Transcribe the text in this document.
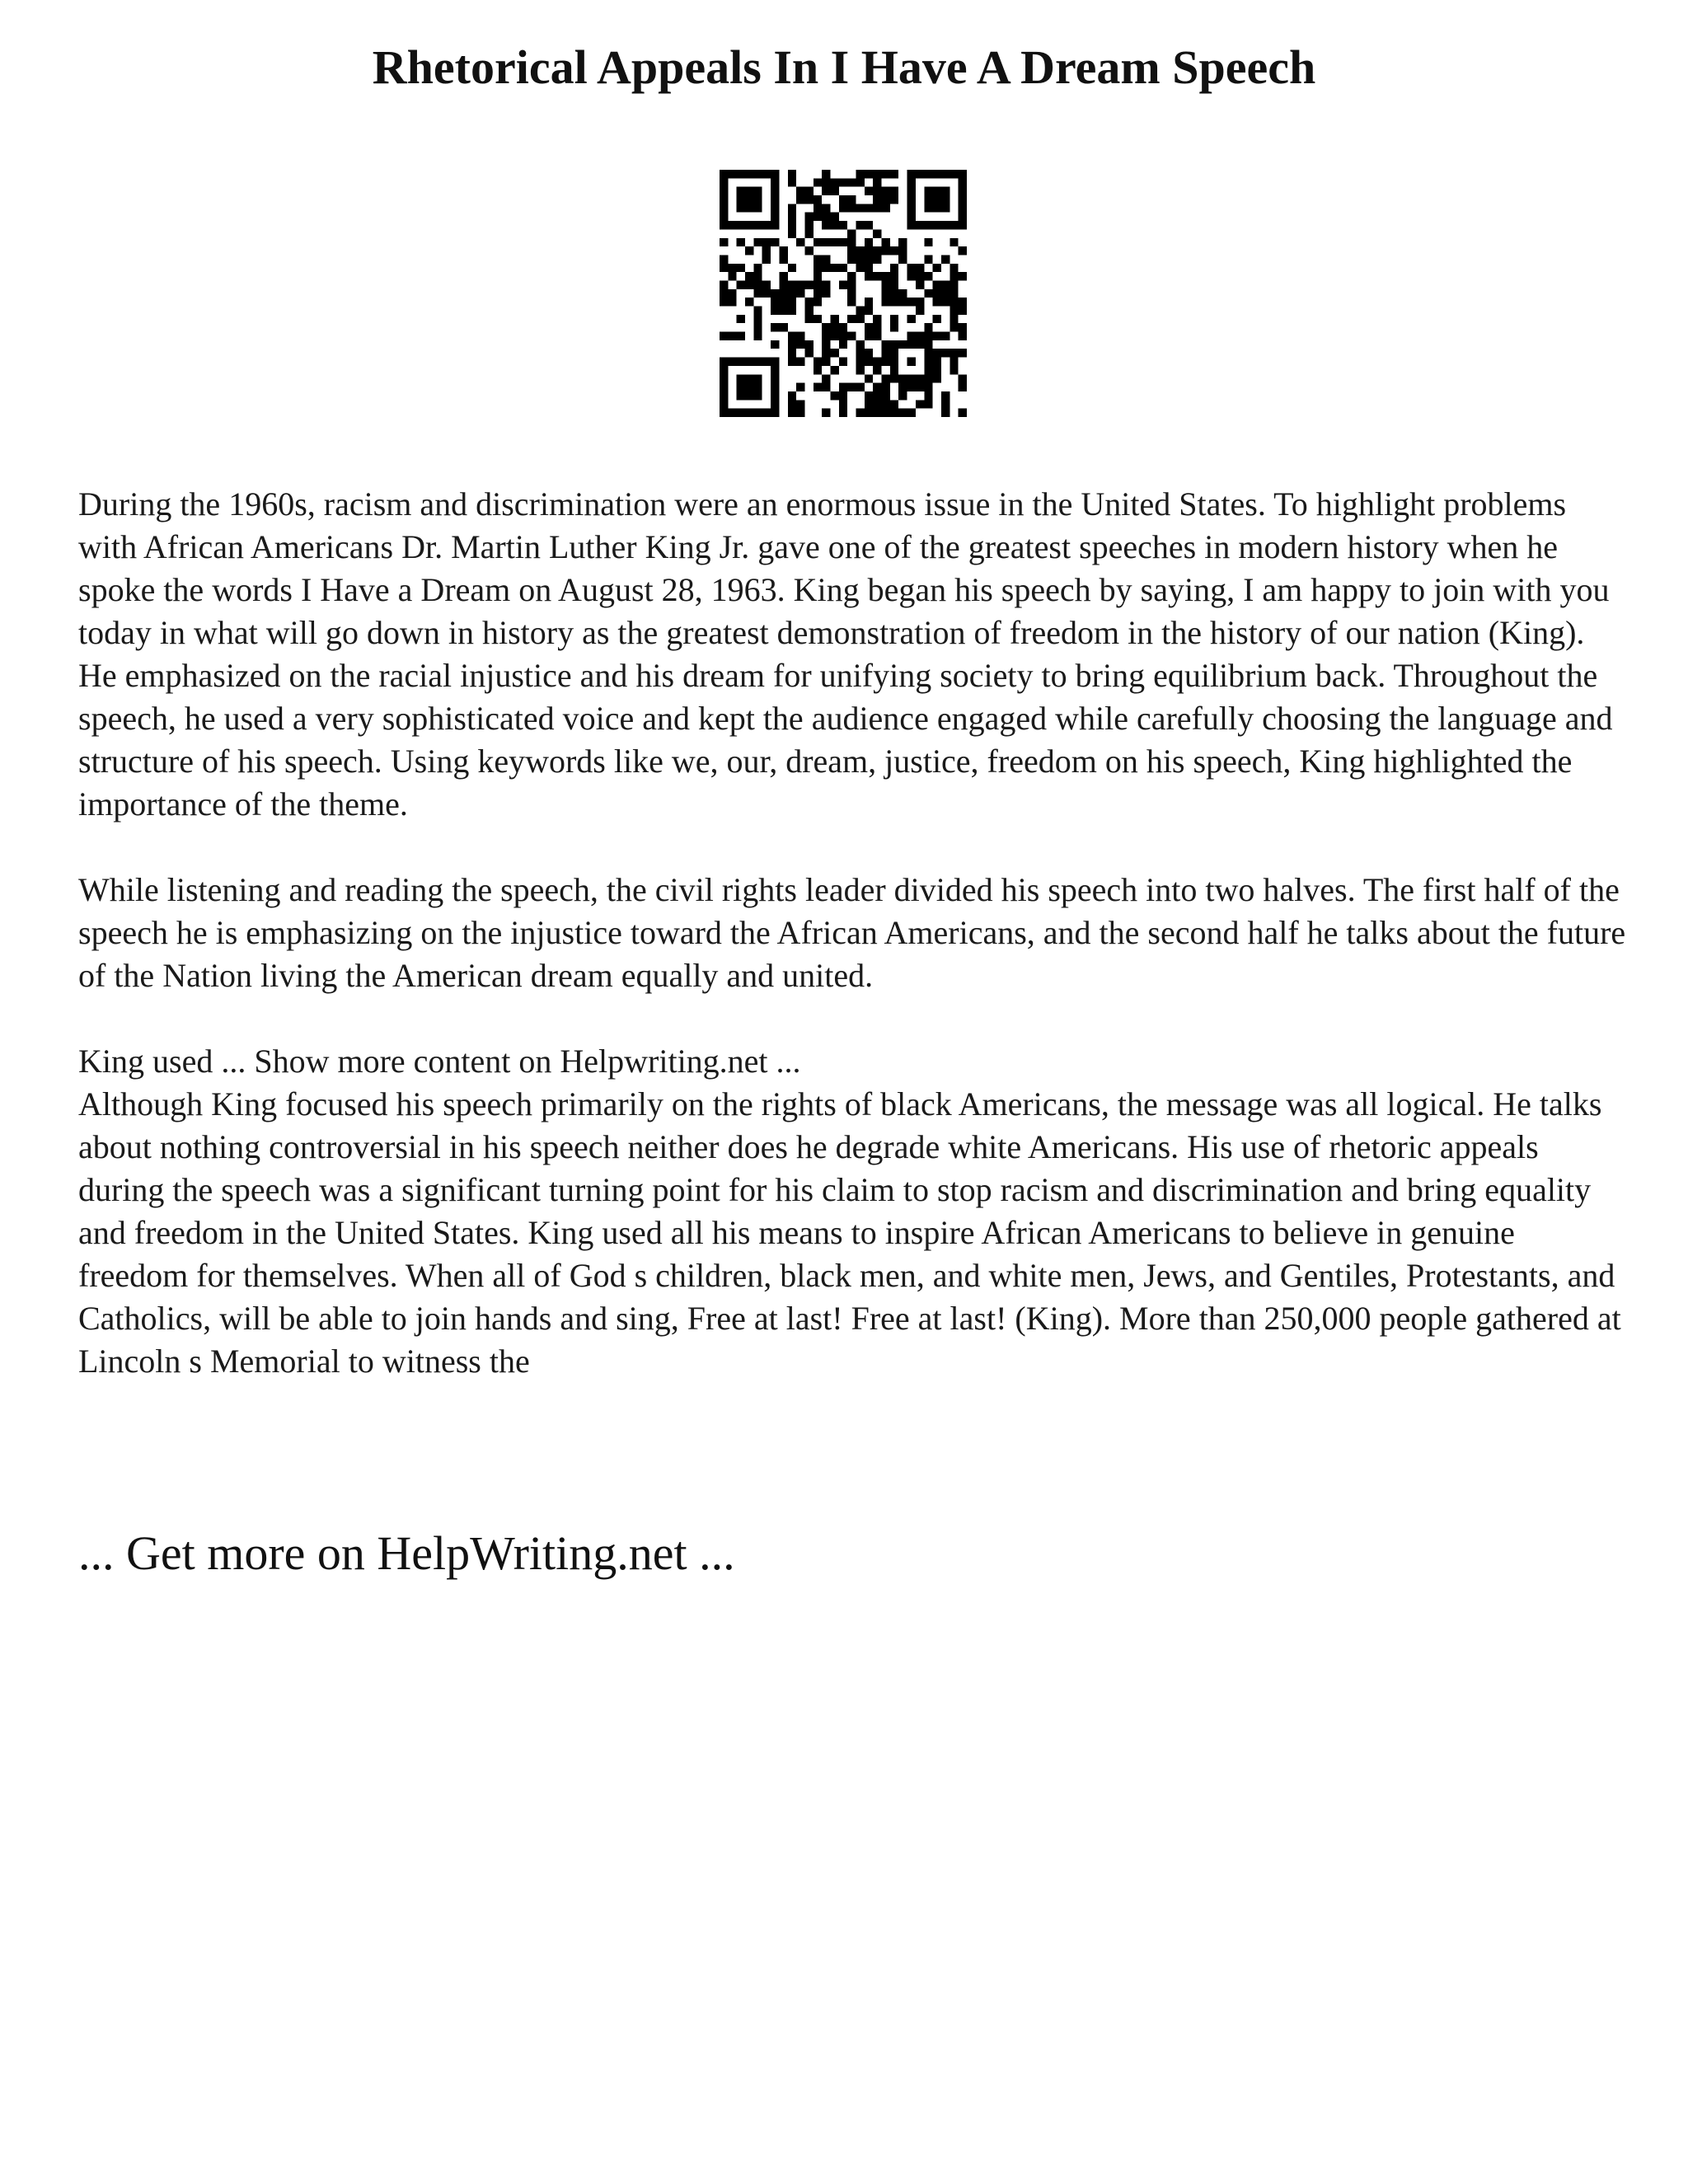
Rhetorical Appeals In I Have A Dream Speech

During the 1960s, racism and discrimination were an enormous issue in the United States. To highlight problems with African Americans Dr. Martin Luther King Jr. gave one of the greatest speeches in modern history when he spoke the words I Have a Dream on August 28, 1963. King began his speech by saying, I am happy to join with you today in what will go down in history as the greatest demonstration of freedom in the history of our nation (King). He emphasized on the racial injustice and his dream for unifying society to bring equilibrium back. Throughout the speech, he used a very sophisticated voice and kept the audience engaged while carefully choosing the language and structure of his speech. Using keywords like we, our, dream, justice, freedom on his speech, King highlighted the importance of the theme.

While listening and reading the speech, the civil rights leader divided his speech into two halves. The first half of the speech he is emphasizing on the injustice toward the African Americans, and the second half he talks about the future of the Nation living the American dream equally and united.

King used ... Show more content on Helpwriting.net ...

Although King focused his speech primarily on the rights of black Americans, the message was all logical. He talks about nothing controversial in his speech neither does he degrade white Americans. His use of rhetoric appeals during the speech was a significant turning point for his claim to stop racism and discrimination and bring equality and freedom in the United States. King used all his means to inspire African Americans to believe in genuine freedom for themselves. When all of God s children, black men, and white men, Jews, and Gentiles, Protestants, and Catholics, will be able to join hands and sing, Free at last! Free at last! (King). More than 250,000 people gathered at Lincoln s Memorial to witness the

... Get more on HelpWriting.net ...
